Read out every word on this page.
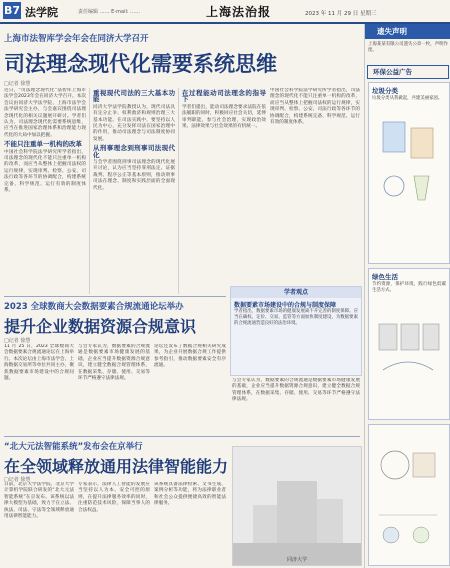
B7 法学院	责任编辑 …… E-mail: ……	上海法治报	2023 年 11 月 29 日 星期三
上海市法智库学会年会在同济大学召开
司法理念现代化需要系统思维
□记者 徐慧
近日，“司法理念现代化”法智库上海市法学会2023年会在同济大学召开。本次会议由同济大学法学院、上海市法学会法学研究会主办，与会嘉宾围绕司法理念现代化的相关议题展开研讨。学者们认为，司法理念现代化需要系统思维，应当在推进国家治理体系和治理能力现代化的大局中加以把握。
不能只注重单一机构的改革
中国社会科学院法学研究所学者指出，司法理念的现代化不能只注重单一机构的改革，而应当从整体上把握司法权的运行规律，实现审判、检察、公安、司法行政等各环节的协调配合，构建系统完备、科学规范、运行有效的制度体系。
重视现代司法的三大基本功能
同济大学法学院教授认为，现代司法具有定分止争、权利救济和规则治理三大基本功能。在司法实践中，要坚持以人民为中心，充分发挥司法在国家治理中的作用，推动司法理念与司法制度协同发展。
从刑事理念到刑事司法现代化
与会学者围绕刑事司法理念的现代化展开讨论，认为应当坚持罪刑法定、证据裁判、程序公正等基本原则，推动刑事司法在理念、制度和实践层面的全面现代化。
在过程能动司法理念的指导下
学者们提出，能动司法理念要求法院在依法履职的同时，积极回应社会关切，延伸审判职能，参与社会治理，实现政治效果、法律效果与社会效果的有机统一。
中国社会科学院法学研究所学者指出，司法理念的现代化不能只注重单一机构的改革，而应当从整体上把握司法权的运行规律，实现审判、检察、公安、司法行政等各环节的协调配合，构建系统完备、科学规范、运行有效的制度体系。
2023 全球数商大会数据要素合规流通论坛举办
提升企业数据资源合规意识
□记者 徐慧
11 月 25 日，2023 全球数商大会数据要素合规流通论坛在上海举行。本次论坛由上海市法学会、上海数据交易所等单位共同主办，聚焦数据要素市场建设中的合规问题。
与会专家认为，数据要素的合规流通是数据要素市场健康发展的基础，企业应当提升数据资源合规意识，建立健全数据合规管理体系，在数据采集、存储、使用、交易等环节严格遵守法律法规。
论坛还发布了数据合规相关研究成果，为企业开展数据合规工作提供参考指引，推动数据要素安全有序流通。
学者观点
数据要素市场建设中的合规与制度保障
学者指出，数据要素市场的健康发展离不开完善的制度保障。应当在确权、定价、交易、监管等方面加快制度建设，为数据要素的合规流通营造良好的法治环境。
与会专家认为，数据要素的合规流通是数据要素市场健康发展的基础，企业应当提升数据资源合规意识，建立健全数据合规管理体系，在数据采集、存储、使用、交易等环节严格遵守法律法规。
“北大元法智能系统”发布会在京举行
在全领域释放通用法律智能能力
□记者 徐慧
日前，北京大学法学院、北京大学计算机学院联合研发的“北大元法智能系统”在京发布。该系统以法律大模型为基础，致力于在立法、执法、司法、守法等全领域释放通用法律智能能力。
专家表示，法律人工智能的发展应当坚持以人为本、安全可控的原则，在提升法律服务效率的同时，注重防范技术风险，保障当事人的合法权益。
该系统具备法律检索、文书生成、案例分析等功能，将为法律职业者和社会公众提供便捷高效的智能法律服务。
同济大学
遗失声明
上海某某有限公司遗失公章一枚，声明作废。
环保公益广告
垃圾分类
垃圾分类从我做起，共建美丽家园。
绿色生活
节约资源，保护环境，践行绿色低碳生活方式。
